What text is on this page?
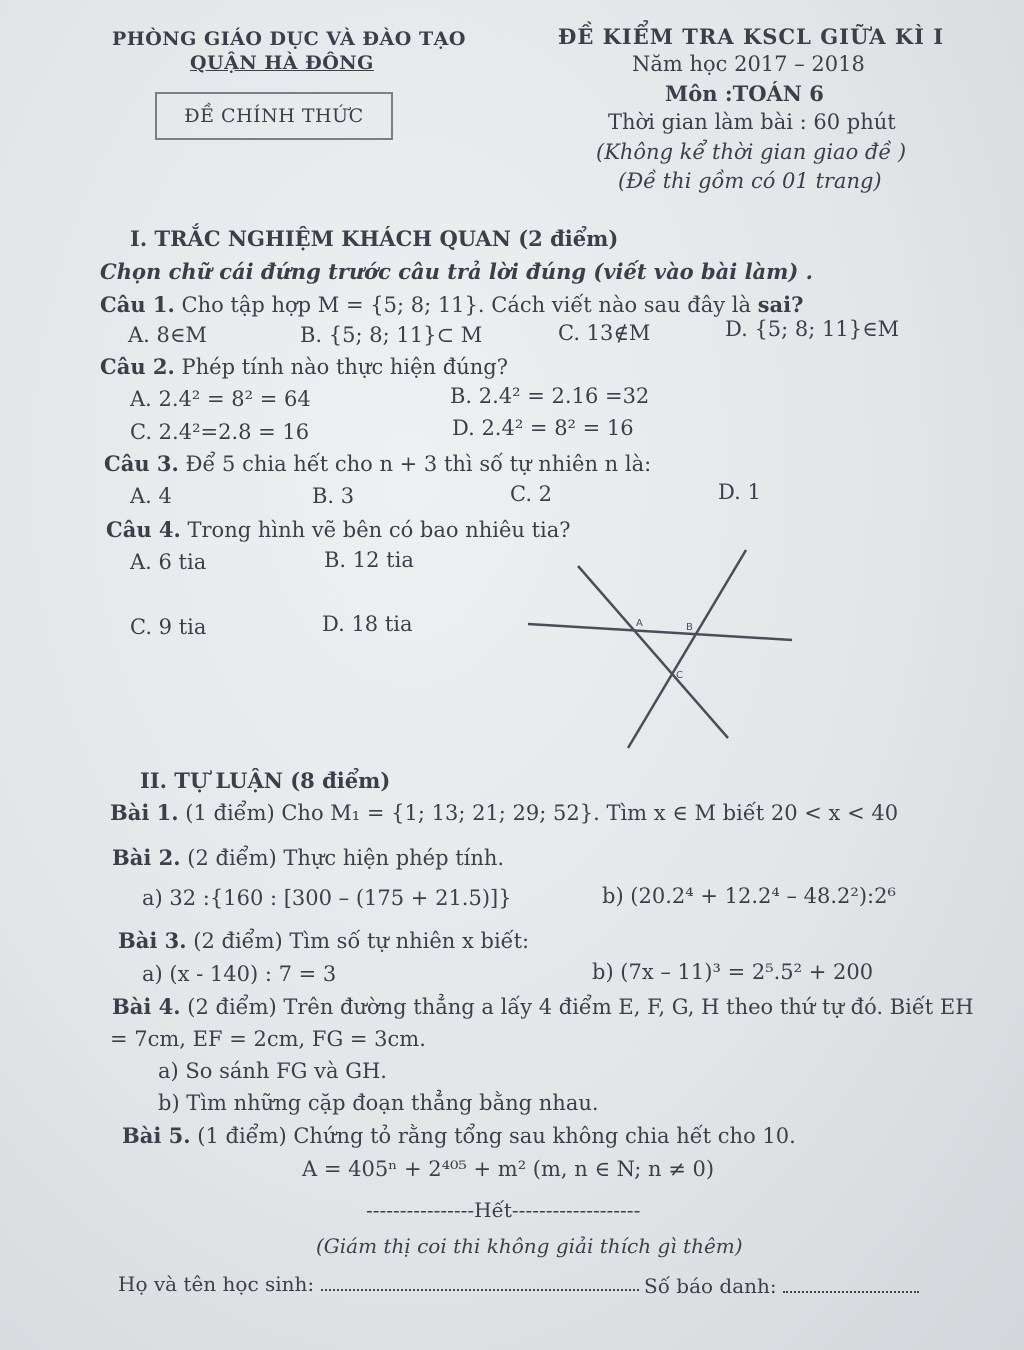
PHÒNG GIÁO DỤC VÀ ĐÀO TẠO
QUẬN HÀ ĐÔNG
ĐỀ CHÍNH THỨC
ĐỀ KIỂM TRA KSCL GIỮA KÌ I
Năm học 2017 – 2018
Môn :TOÁN 6
Thời gian làm bài : 60 phút
(Không kể thời gian giao đề )
(Đề thi gồm có 01 trang)
I. TRẮC NGHIỆM KHÁCH QUAN (2 điểm)
Chọn chữ cái đứng trước câu trả lời đúng (viết vào bài làm) .
Câu 1. Cho tập hợp M = {5; 8; 11}. Cách viết nào sau đây là sai?
A. 8∈M	B. {5; 8; 11}⊂ M	C. 13∉M	D. {5; 8; 11}∈M
Câu 2. Phép tính nào thực hiện đúng?
A. 2.4² = 8² = 64	B. 2.4² = 2.16 =32
C. 2.4²=2.8 = 16	D. 2.4² = 8² = 16
Câu 3. Để 5 chia hết cho n + 3 thì số tự nhiên n là:
A. 4	B. 3	C. 2	D. 1
Câu 4. Trong hình vẽ bên có bao nhiêu tia?
A. 6 tia	B. 12 tia
C. 9 tia	D. 18 tia	A	B
C
II. TỰ LUẬN (8 điểm)
Bài 1. (1 điểm) Cho M₁ = {1; 13; 21; 29; 52}. Tìm x ∈ M biết 20 < x < 40
Bài 2. (2 điểm) Thực hiện phép tính.
a) 32 :{160 : [300 – (175 + 21.5)]}	b) (20.2⁴ + 12.2⁴ – 48.2²):2⁶
Bài 3. (2 điểm) Tìm số tự nhiên x biết:
a) (x - 140) : 7 = 3	b) (7x – 11)³ = 2⁵.5² + 200
Bài 4. (2 điểm) Trên đường thẳng a lấy 4 điểm E, F, G, H theo thứ tự đó. Biết EH
= 7cm, EF = 2cm, FG = 3cm.
a) So sánh FG và GH.
b) Tìm những cặp đoạn thẳng bằng nhau.
Bài 5. (1 điểm) Chứng tỏ rằng tổng sau không chia hết cho 10.
A = 405ⁿ + 2⁴⁰⁵ + m² (m, n ∈ N; n ≠ 0)
----------------Hết-------------------
(Giám thị coi thi không giải thích gì thêm)
Họ và tên học sinh:	Số báo danh:
